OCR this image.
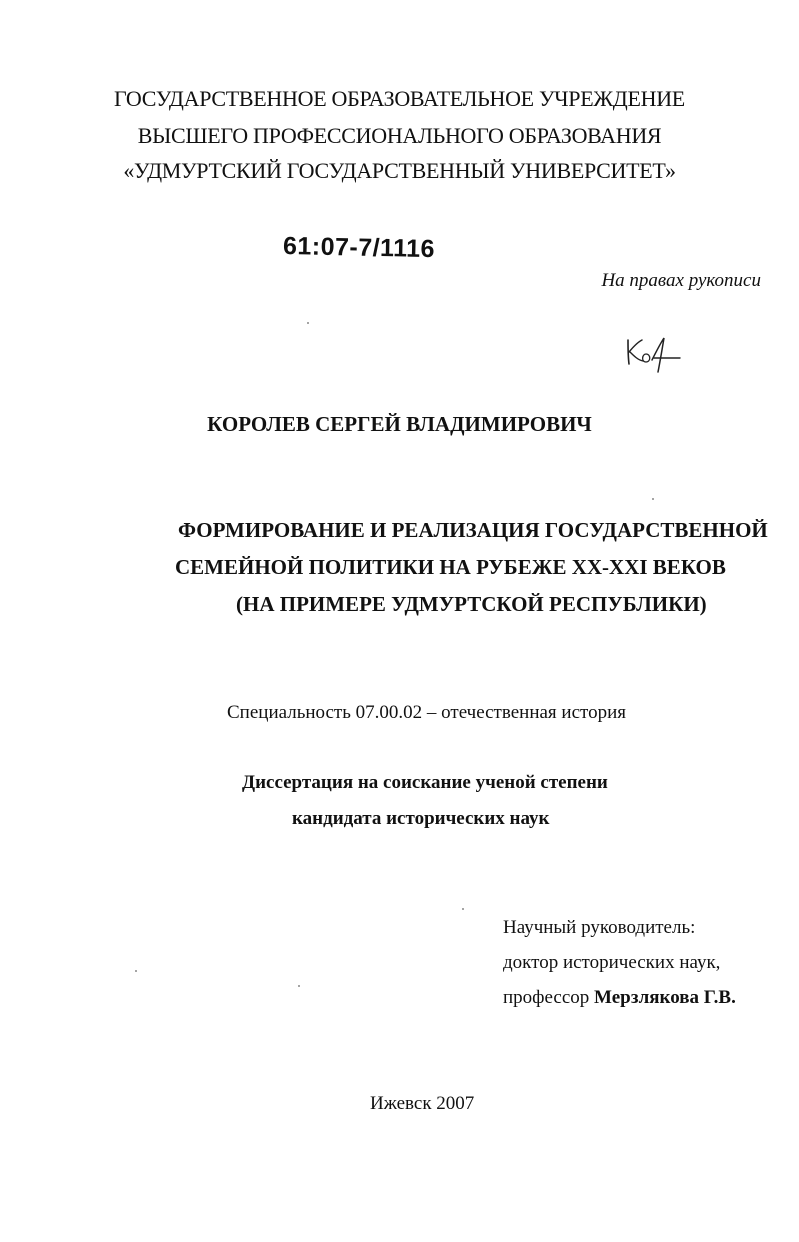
ГОСУДАРСТВЕННОЕ ОБРАЗОВАТЕЛЬНОЕ УЧРЕЖДЕНИЕ

ВЫСШЕГО ПРОФЕССИОНАЛЬНОГО ОБРАЗОВАНИЯ

«УДМУРТСКИЙ ГОСУДАРСТВЕННЫЙ УНИВЕРСИТЕТ»

61:07-7/1116
На правах рукописи

КОРОЛЕВ СЕРГЕЙ ВЛАДИМИРОВИЧ

ФОРМИРОВАНИЕ И РЕАЛИЗАЦИЯ ГОСУДАРСТВЕННОЙ

СЕМЕЙНОЙ ПОЛИТИКИ НА РУБЕЖЕ XX-XXI ВЕКОВ

(НА ПРИМЕРЕ УДМУРТСКОЙ РЕСПУБЛИКИ)

Специальность 07.00.02 – отечественная история

Диссертация на соискание ученой степени

кандидата исторических наук

Научный руководитель:
доктор исторических наук,
профессор Мерзлякова Г.В.

Ижевск 2007
